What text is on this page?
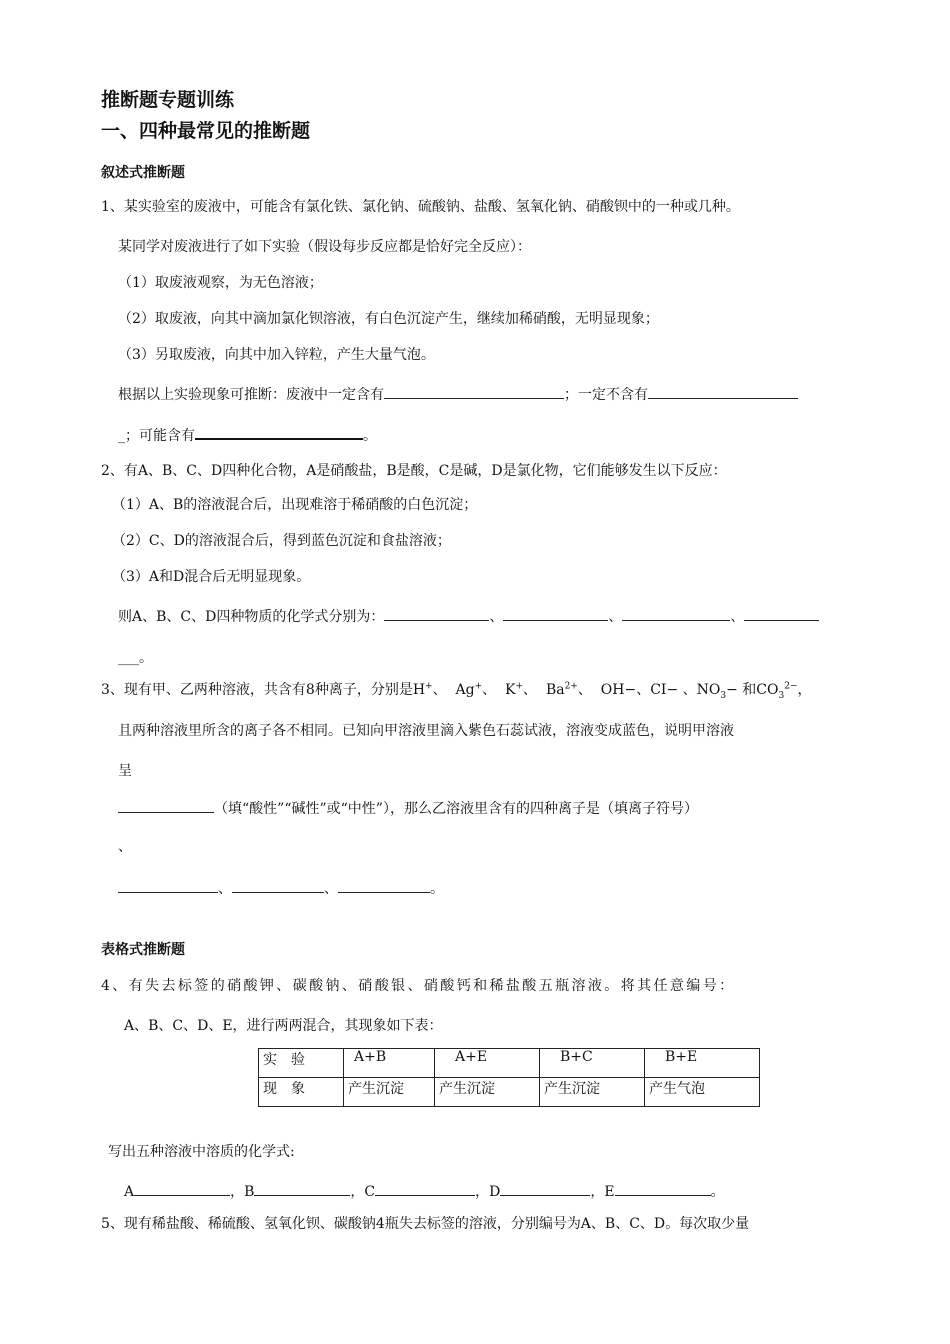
推断题专题训练
一、四种最常见的推断题
叙述式推断题
1、某实验室的废液中，可能含有氯化铁、氯化钠、硫酸钠、盐酸、氢氧化钠、硝酸钡中的一种或几种。
某同学对废液进行了如下实验（假设每步反应都是恰好完全反应）：
（1）取废液观察，为无色溶液；
（2）取废液，向其中滴加氯化钡溶液，有白色沉淀产生，继续加稀硝酸，无明显现象；
（3）另取废液，向其中加入锌粒，产生大量气泡。
根据以上实验现象可推断：废液中一定含有	；一定不含有
_；可能含有	。
2、有A、B、C、D四种化合物，A是硝酸盐，B是酸，C是碱，D是氯化物，它们能够发生以下反应：
（1）A、B的溶液混合后，出现难溶于稀硝酸的白色沉淀；
（2）C、D的溶液混合后，得到蓝色沉淀和食盐溶液；
（3）A和D混合后无明显现象。
则A、B、C、D四种物质的化学式分别为：	、	、	、
___。
3、现有甲、乙两种溶液，共含有8种离子，分别是H+、 Ag+、 K+、 $Ba^{2+}$、 OH−、CI− 、$NO_3-$ 和$CO_3^{2-}$，
且两种溶液里所含的离子各不相同。已知向甲溶液里滴入紫色石蕊试液，溶液变成蓝色，说明甲溶液
呈
（填“酸性”“碱性”或“中性”），那么乙溶液里含有的四种离子是（填离子符号）
、
、	、	。
表格式推断题
4、有失去标签的硝酸钾、碳酸钠、硝酸银、硝酸钙和稀盐酸五瓶溶液。将其任意编号：
A、B、C、D、E，进行两两混合，其现象如下表：
实　验	A+B	A+E	B+C	B+E
现　象	产生沉淀	产生沉淀	产生沉淀	产生气泡
写出五种溶液中溶质的化学式:
A	，B	，C	，D	，E	。
5、现有稀盐酸、稀硫酸、氢氧化钡、碳酸钠4瓶失去标签的溶液，分别编号为A、B、C、D。每次取少量
